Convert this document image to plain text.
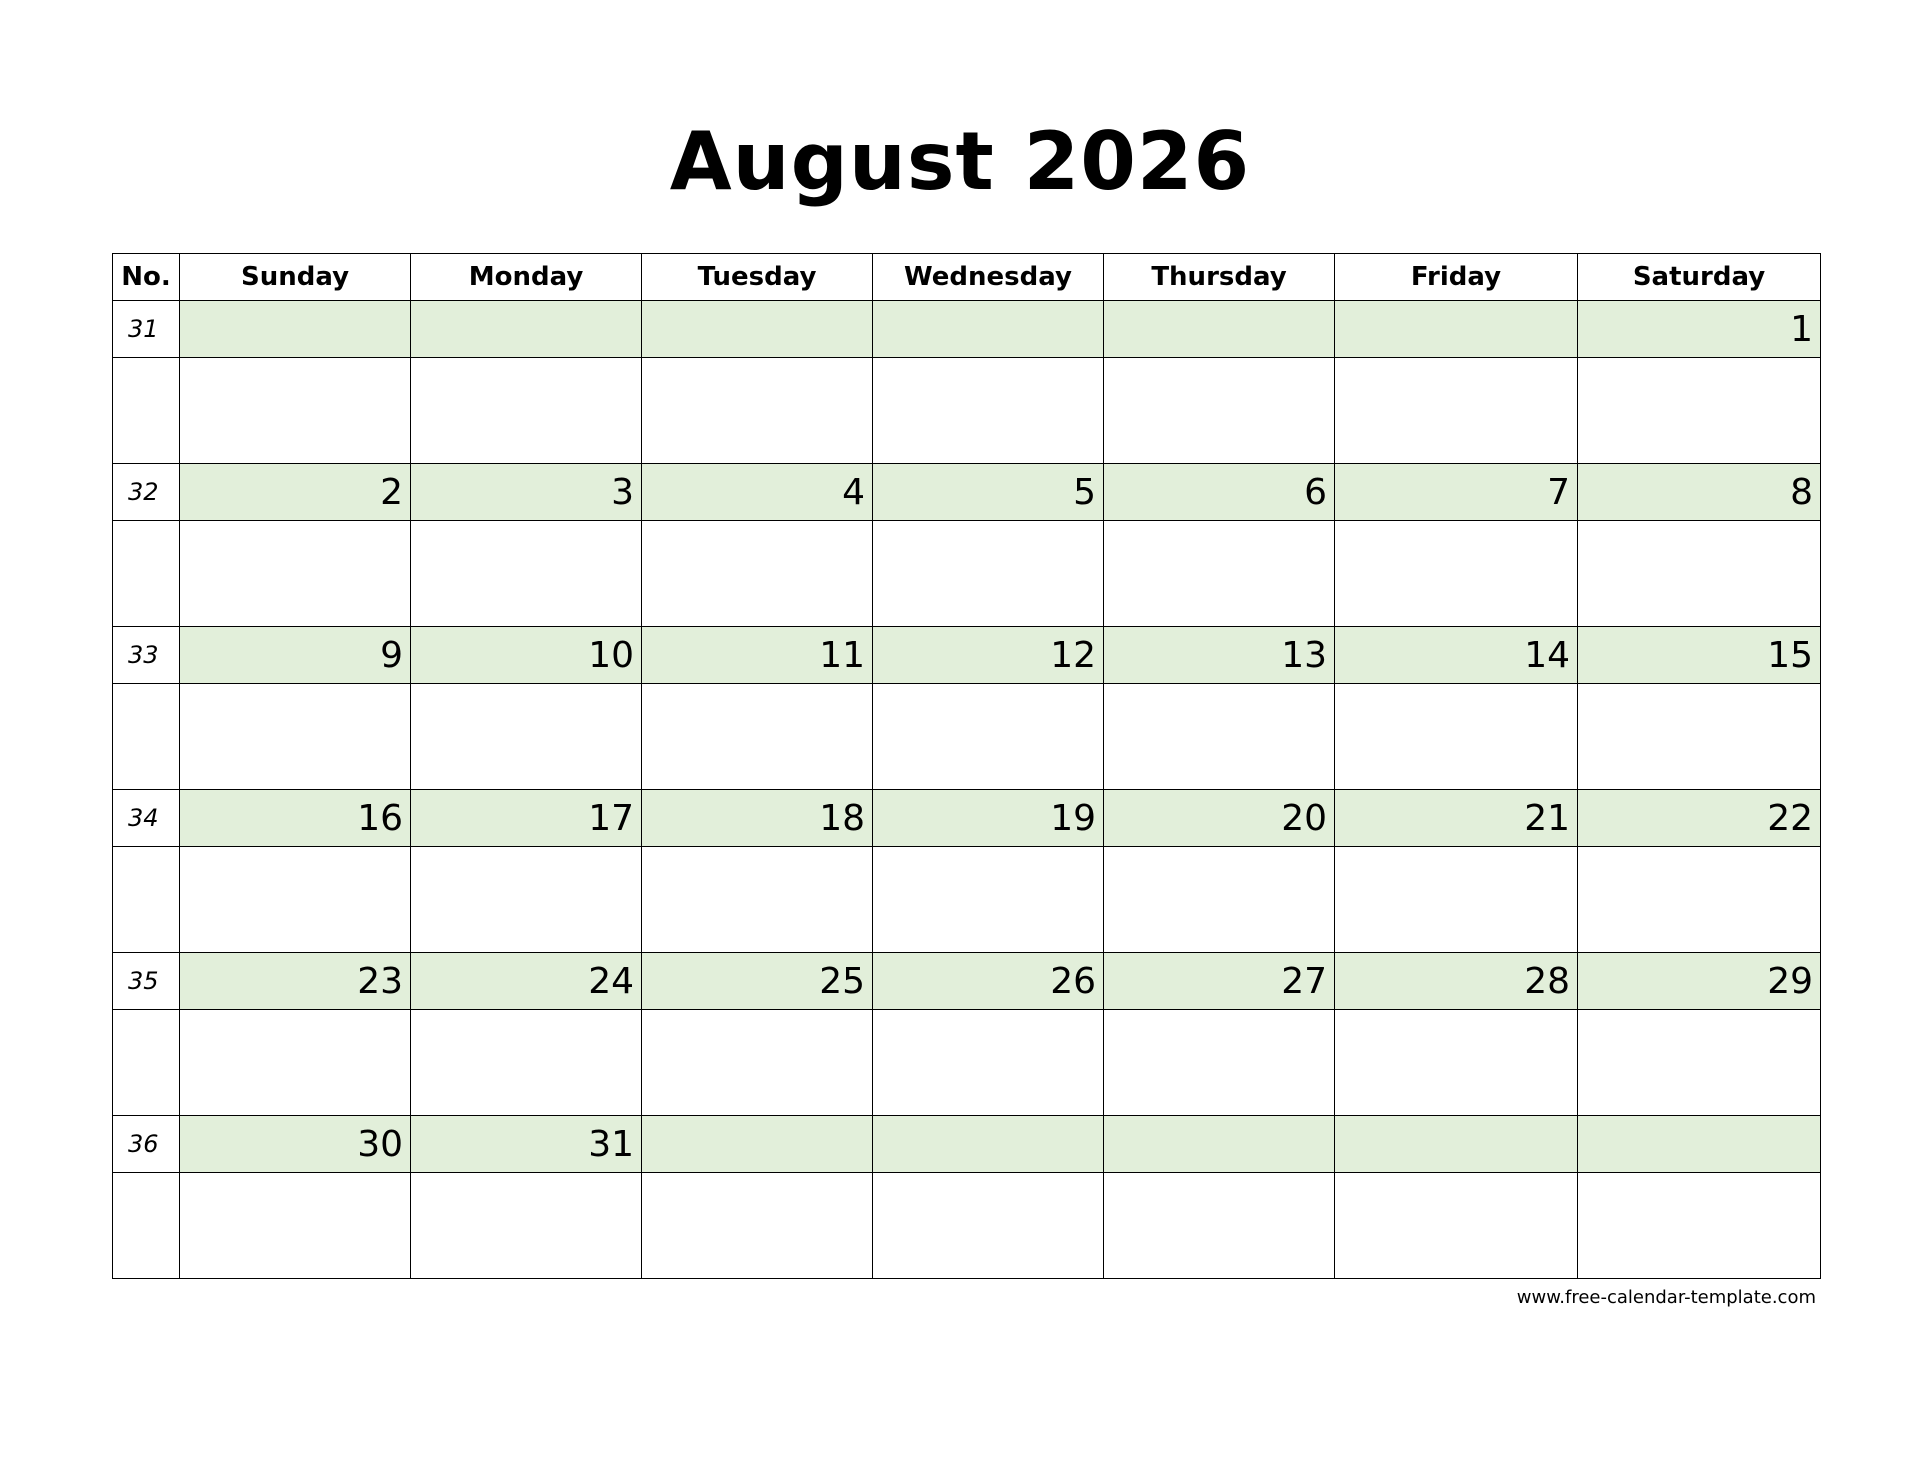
August 2026
No.	Sunday	Monday	Tuesday	Wednesday	Thursday	Friday	Saturday
31							1

32	2	3	4	5	6	7	8

33	9	10	11	12	13	14	15

34	16	17	18	19	20	21	22

35	23	24	25	26	27	28	29

36	30	31					

www.free-calendar-template.com
